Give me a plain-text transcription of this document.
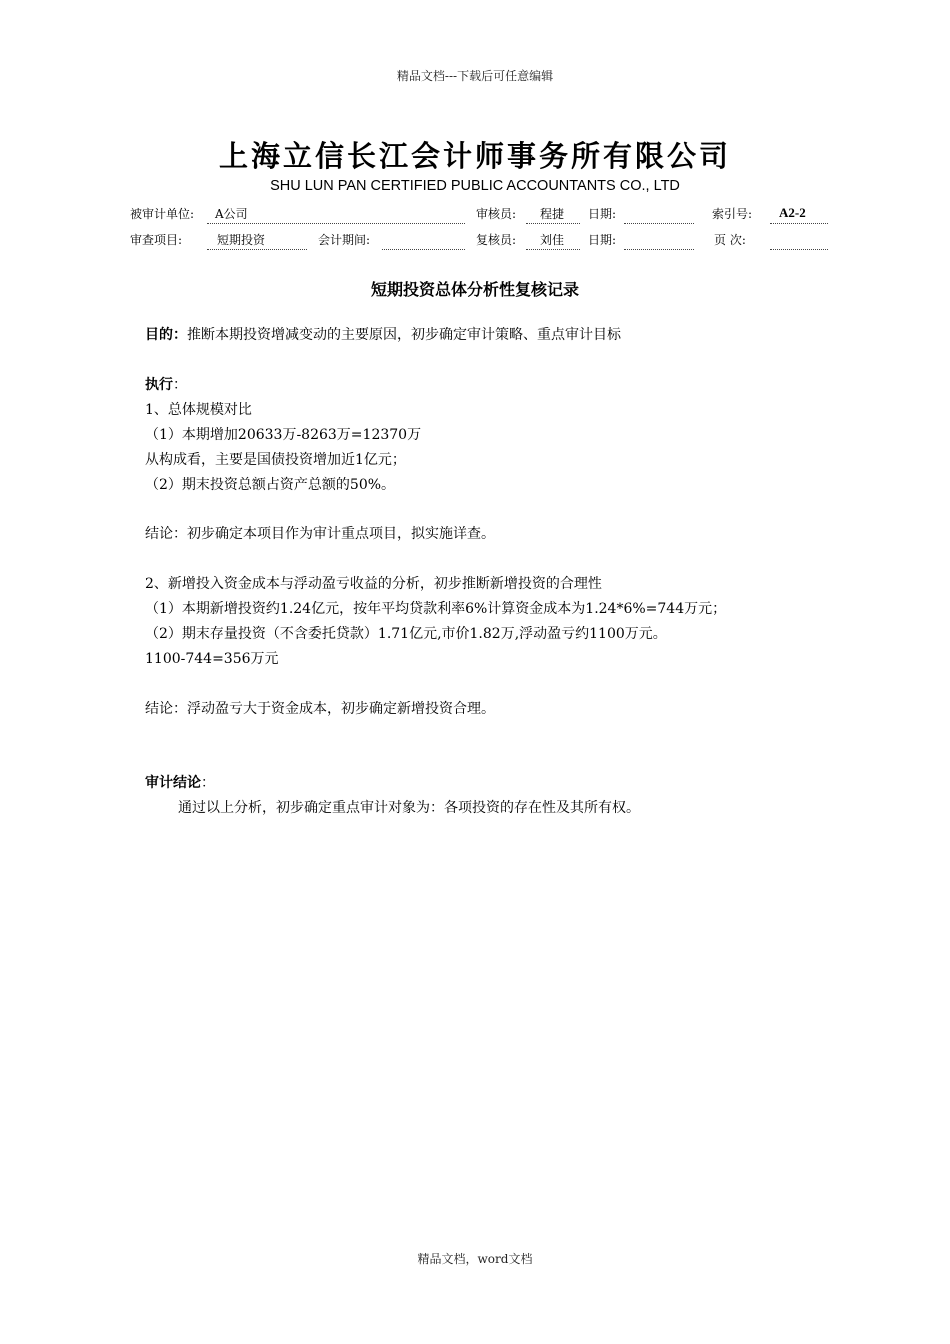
精品文档---下载后可任意编辑
上海立信长江会计师事务所有限公司
SHU LUN PAN CERTIFIED PUBLIC ACCOUNTANTS CO., LTD
被审计单位: A公司	审核员: 程捷 日期:	索引号: A2-2
审查项目:	短期投资	会计期间:	复核员: 刘佳 日期:	页 次:
短期投资总体分析性复核记录
目的：推断本期投资增减变动的主要原因，初步确定审计策略、重点审计目标
执行：
1、总体规模对比
（1）本期增加20633万-8263万=12370万
从构成看，主要是国债投资增加近1亿元；
（2）期末投资总额占资产总额的50%。
结论：初步确定本项目作为审计重点项目，拟实施详查。
2、新增投入资金成本与浮动盈亏收益的分析，初步推断新增投资的合理性
（1）本期新增投资约1.24亿元，按年平均贷款利率6%计算资金成本为1.24*6%=744万元；
（2）期末存量投资（不含委托贷款）1.71亿元,市价1.82万,浮动盈亏约1100万元。
1100-744=356万元
结论：浮动盈亏大于资金成本，初步确定新增投资合理。
审计结论：
通过以上分析，初步确定重点审计对象为：各项投资的存在性及其所有权。
精品文档，word文档
